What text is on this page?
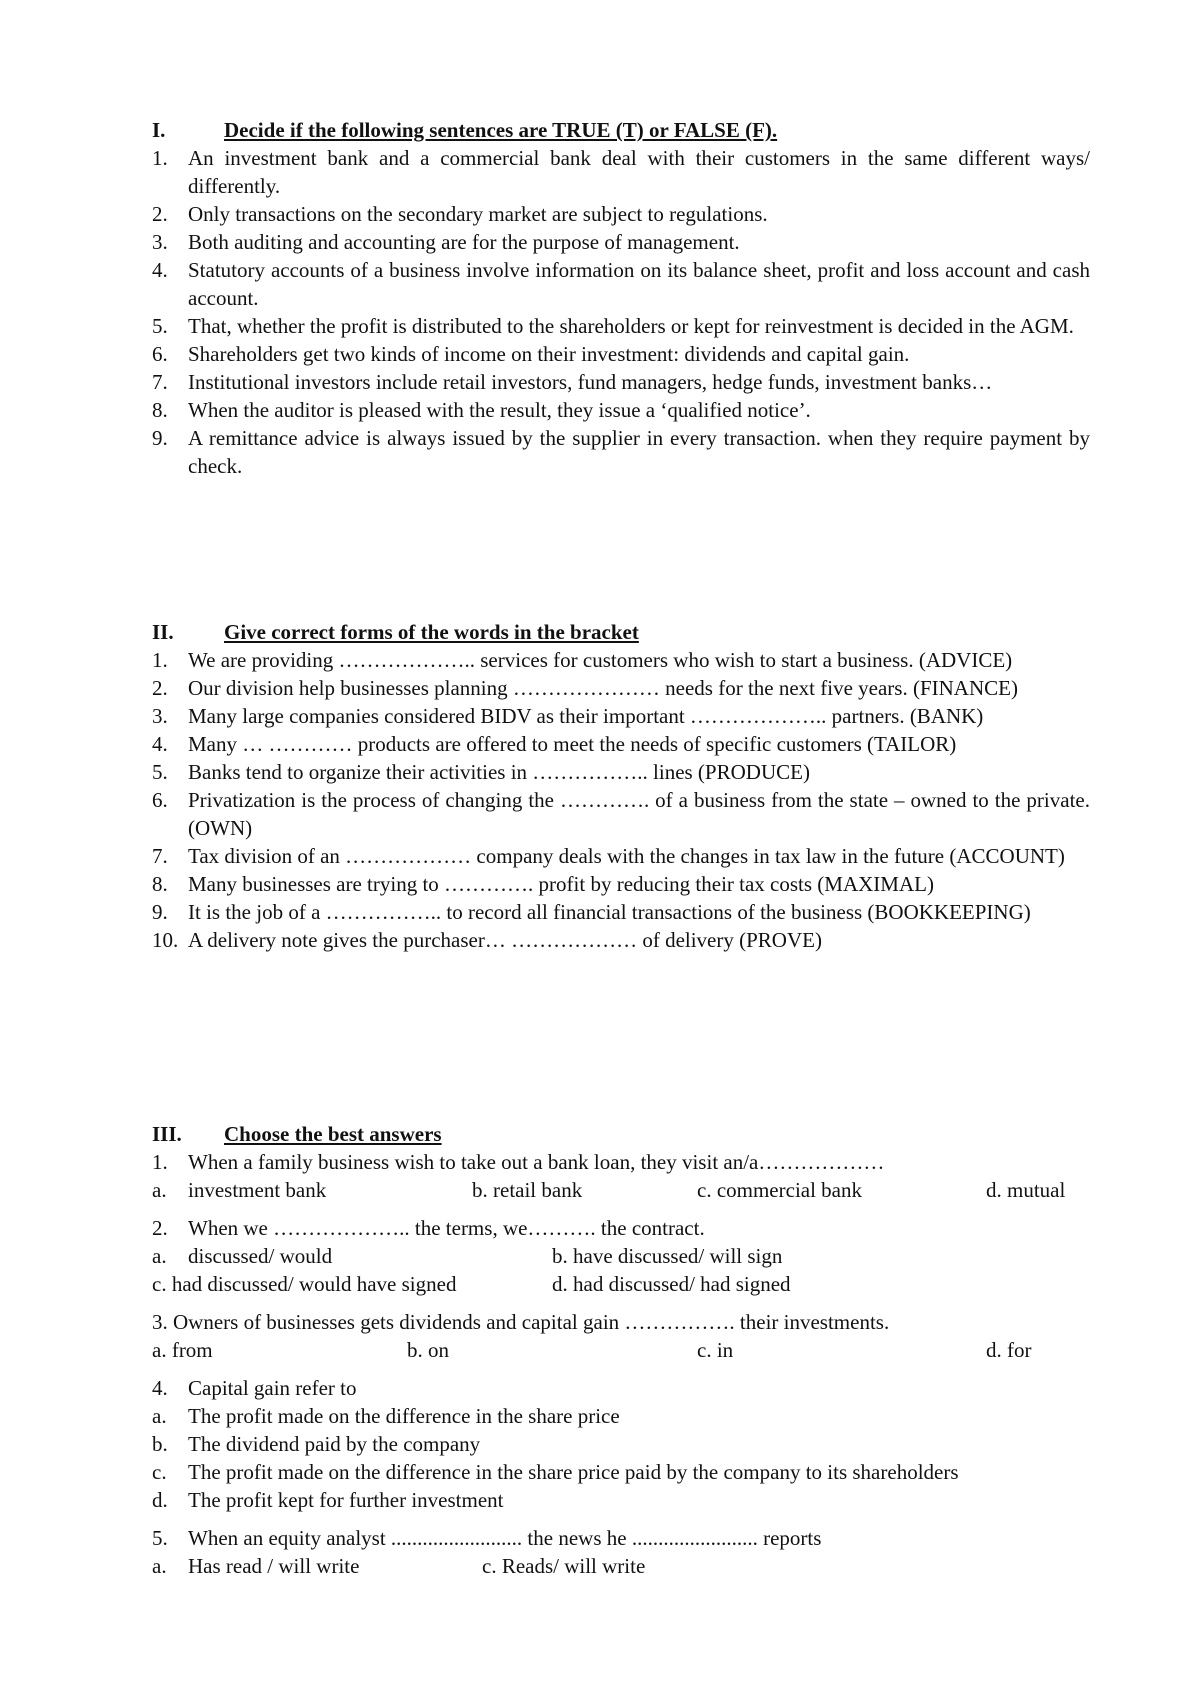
I.	Decide if the following sentences are TRUE (T) or FALSE (F).
1. An investment bank and a commercial bank deal with their customers in the same different ways/ differently.
2. Only transactions on the secondary market are subject to regulations.
3. Both auditing and accounting are for the purpose of management.
4. Statutory accounts of a business involve information on its balance sheet, profit and loss account and cash account.
5. That, whether the profit is distributed to the shareholders or kept for reinvestment is decided in the AGM.
6. Shareholders get two kinds of income on their investment: dividends and capital gain.
7. Institutional investors include retail investors, fund managers, hedge funds, investment banks…
8. When the auditor is pleased with the result, they issue a ‘qualified notice’.
9. A remittance advice is always issued by the supplier in every transaction. when they require payment by check.
II. Give correct forms of the words in the bracket
1. We are providing ……………….. services for customers who wish to start a business. (ADVICE)
2. Our division help businesses planning ………………… needs for the next five years. (FINANCE)
3. Many large companies considered BIDV as their important ……………….. partners. (BANK)
4. Many … ………… products are offered to meet the needs of specific customers (TAILOR)
5. Banks tend to organize their activities in …………….. lines (PRODUCE)
6. Privatization is the process of changing the …………. of a business from the state – owned to the private. (OWN)
7. Tax division of an ……………… company deals with the changes in tax law in the future (ACCOUNT)
8. Many businesses are trying to …………. profit by reducing their tax costs (MAXIMAL)
9. It is the job of a …………….. to record all financial transactions of the business (BOOKKEEPING)
10. A delivery note gives the purchaser… ……………… of delivery (PROVE)
III. Choose the best answers
1. When a family business wish to take out a bank loan, they visit an/a………………
a. investment bank	b. retail bank	c. commercial bank	d. mutual
2. When we ……………….. the terms, we………. the contract.
a. discussed/ would	b. have discussed/ will sign
c. had discussed/ would have signed	d. had discussed/ had signed
3. Owners of businesses gets dividends and capital gain ……………. their investments.
a. from	b. on	c. in	d. for
4. Capital gain refer to
a. The profit made on the difference in the share price
b. The dividend paid by the company
c. The profit made on the difference in the share price paid by the company to its shareholders
d. The profit kept for further investment
5. When an equity analyst ......................... the news he ........................ reports
a. Has read / will write	c. Reads/ will write
